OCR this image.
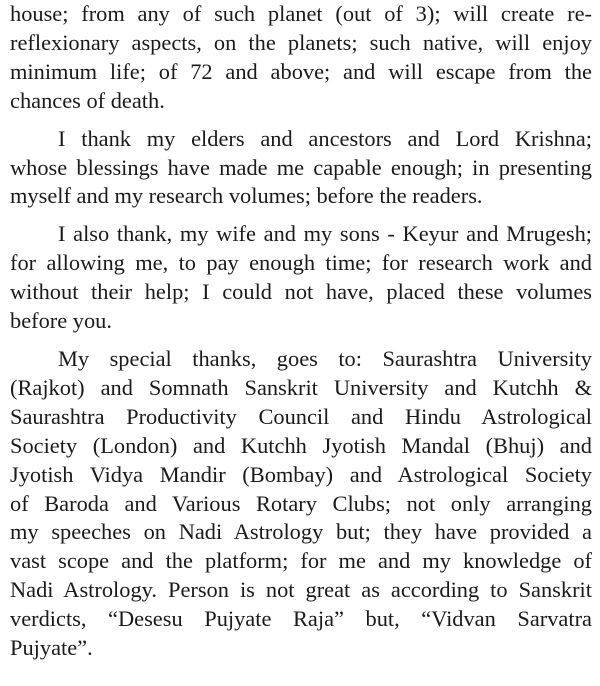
house; from any of such planet (out of 3); will create re-
reflexionary aspects, on the planets; such native, will enjoy
minimum life; of 72 and above; and will escape from the
chances of death.

I thank my elders and ancestors and Lord Krishna;
whose blessings have made me capable enough; in presenting
myself and my research volumes; before the readers.

I also thank, my wife and my sons - Keyur and Mrugesh;
for allowing me, to pay enough time; for research work and
without their help; I could not have, placed these volumes
before you.

My special thanks, goes to: Saurashtra University
(Rajkot) and Somnath Sanskrit University and Kutchh &
Saurashtra Productivity Council and Hindu Astrological
Society (London) and Kutchh Jyotish Mandal (Bhuj) and
Jyotish Vidya Mandir (Bombay) and Astrological Society
of Baroda and Various Rotary Clubs; not only arranging
my speeches on Nadi Astrology but; they have provided a
vast scope and the platform; for me and my knowledge of
Nadi Astrology. Person is not great as according to Sanskrit
verdicts, “Desesu Pujyate Raja” but, “Vidvan Sarvatra
Pujyate”.
